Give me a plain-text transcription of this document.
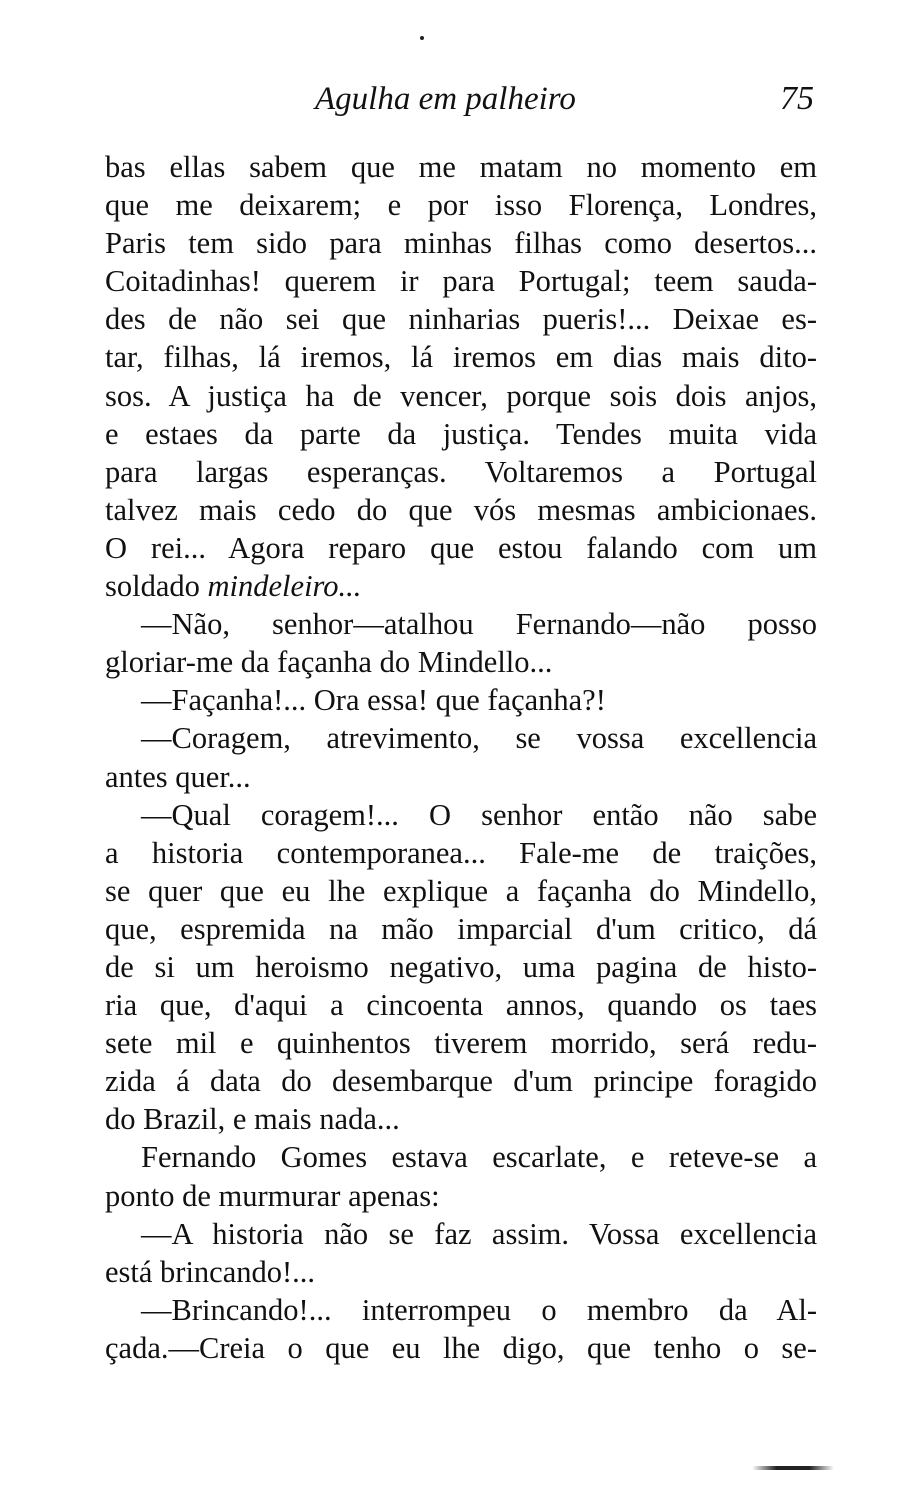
Agulha em palheiro	75
bas ellas sabem que me matam no momento em
que me deixarem; e por isso Florença, Londres,
Paris tem sido para minhas filhas como desertos...
Coitadinhas! querem ir para Portugal; teem sauda-
des de não sei que ninharias pueris!... Deixae es-
tar, filhas, lá iremos, lá iremos em dias mais dito-
sos. A justiça ha de vencer, porque sois dois anjos,
e estaes da parte da justiça. Tendes muita vida
para largas esperanças. Voltaremos a Portugal
talvez mais cedo do que vós mesmas ambicionaes.
O rei... Agora reparo que estou falando com um
soldado mindeleiro...
—Não, senhor—atalhou Fernando—não posso
gloriar-me da façanha do Mindello...
—Façanha!... Ora essa! que façanha?!
—Coragem, atrevimento, se vossa excellencia
antes quer...
—Qual coragem!... O senhor então não sabe
a historia contemporanea... Fale-me de traições,
se quer que eu lhe explique a façanha do Mindello,
que, espremida na mão imparcial d'um critico, dá
de si um heroismo negativo, uma pagina de histo-
ria que, d'aqui a cincoenta annos, quando os taes
sete mil e quinhentos tiverem morrido, será redu-
zida á data do desembarque d'um principe foragido
do Brazil, e mais nada...
Fernando Gomes estava escarlate, e reteve-se a
ponto de murmurar apenas:
—A historia não se faz assim. Vossa excellencia
está brincando!...
—Brincando!... interrompeu o membro da Al-
çada.—Creia o que eu lhe digo, que tenho o se-
